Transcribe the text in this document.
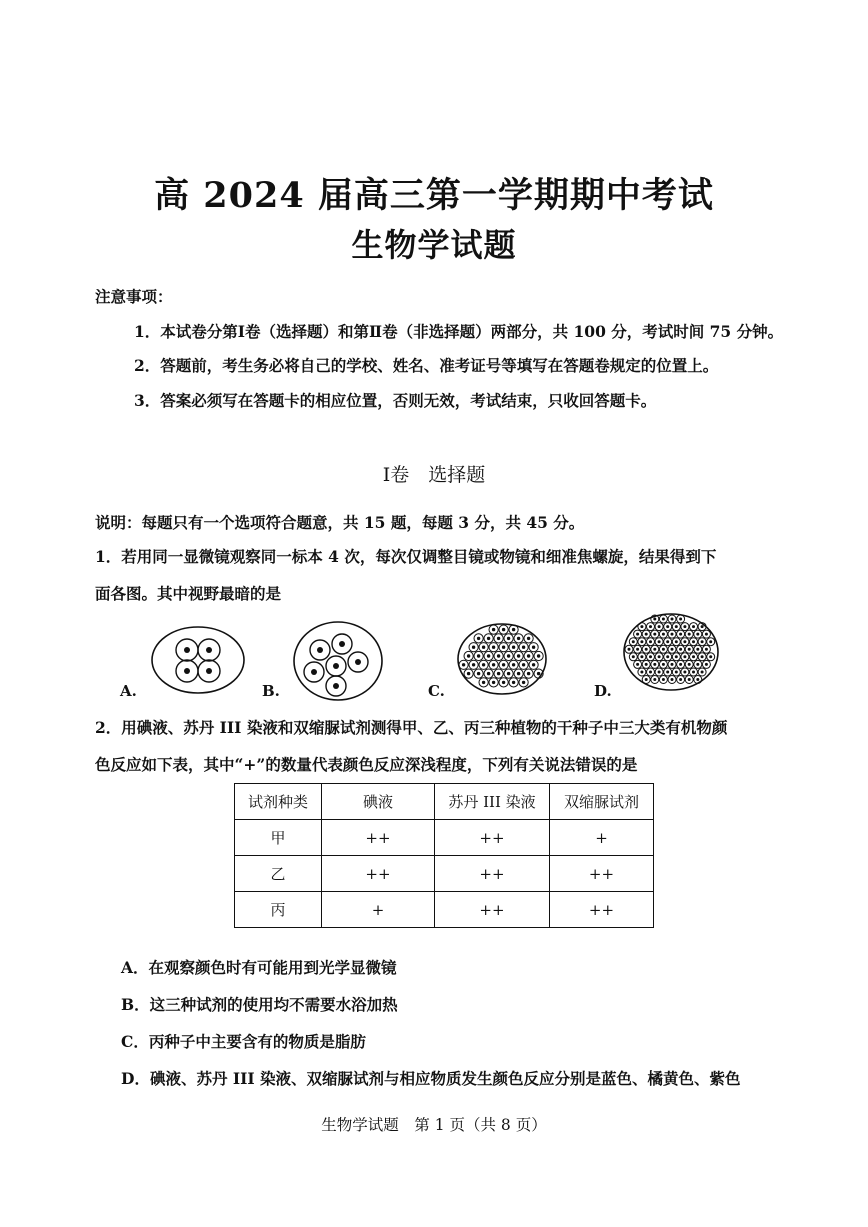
高 2024 届高三第一学期期中考试
生物学试题
注意事项：
1．本试卷分第Ⅰ卷（选择题）和第Ⅱ卷（非选择题）两部分，共 100 分，考试时间 75 分钟。
2．答题前，考生务必将自己的学校、姓名、准考证号等填写在答题卷规定的位置上。
3．答案必须写在答题卡的相应位置，否则无效，考试结束，只收回答题卡。
Ⅰ卷　选择题
说明：每题只有一个选项符合题意，共 15 题，每题 3 分，共 45 分。
1．若用同一显微镜观察同一标本 4 次，每次仅调整目镜或物镜和细准焦螺旋，结果得到下
面各图。其中视野最暗的是
A.	B.	C.	D.
2．用碘液、苏丹 III 染液和双缩脲试剂测得甲、乙、丙三种植物的干种子中三大类有机物颜
色反应如下表，其中“+”的数量代表颜色反应深浅程度，下列有关说法错误的是
试剂种类	碘液	苏丹 III 染液	双缩脲试剂
甲	++	++	+
乙	++	++	++
丙	+	++	++
A．在观察颜色时有可能用到光学显微镜
B．这三种试剂的使用均不需要水浴加热
C．丙种子中主要含有的物质是脂肪
D．碘液、苏丹 III 染液、双缩脲试剂与相应物质发生颜色反应分别是蓝色、橘黄色、紫色
生物学试题　第 1 页（共 8 页）
